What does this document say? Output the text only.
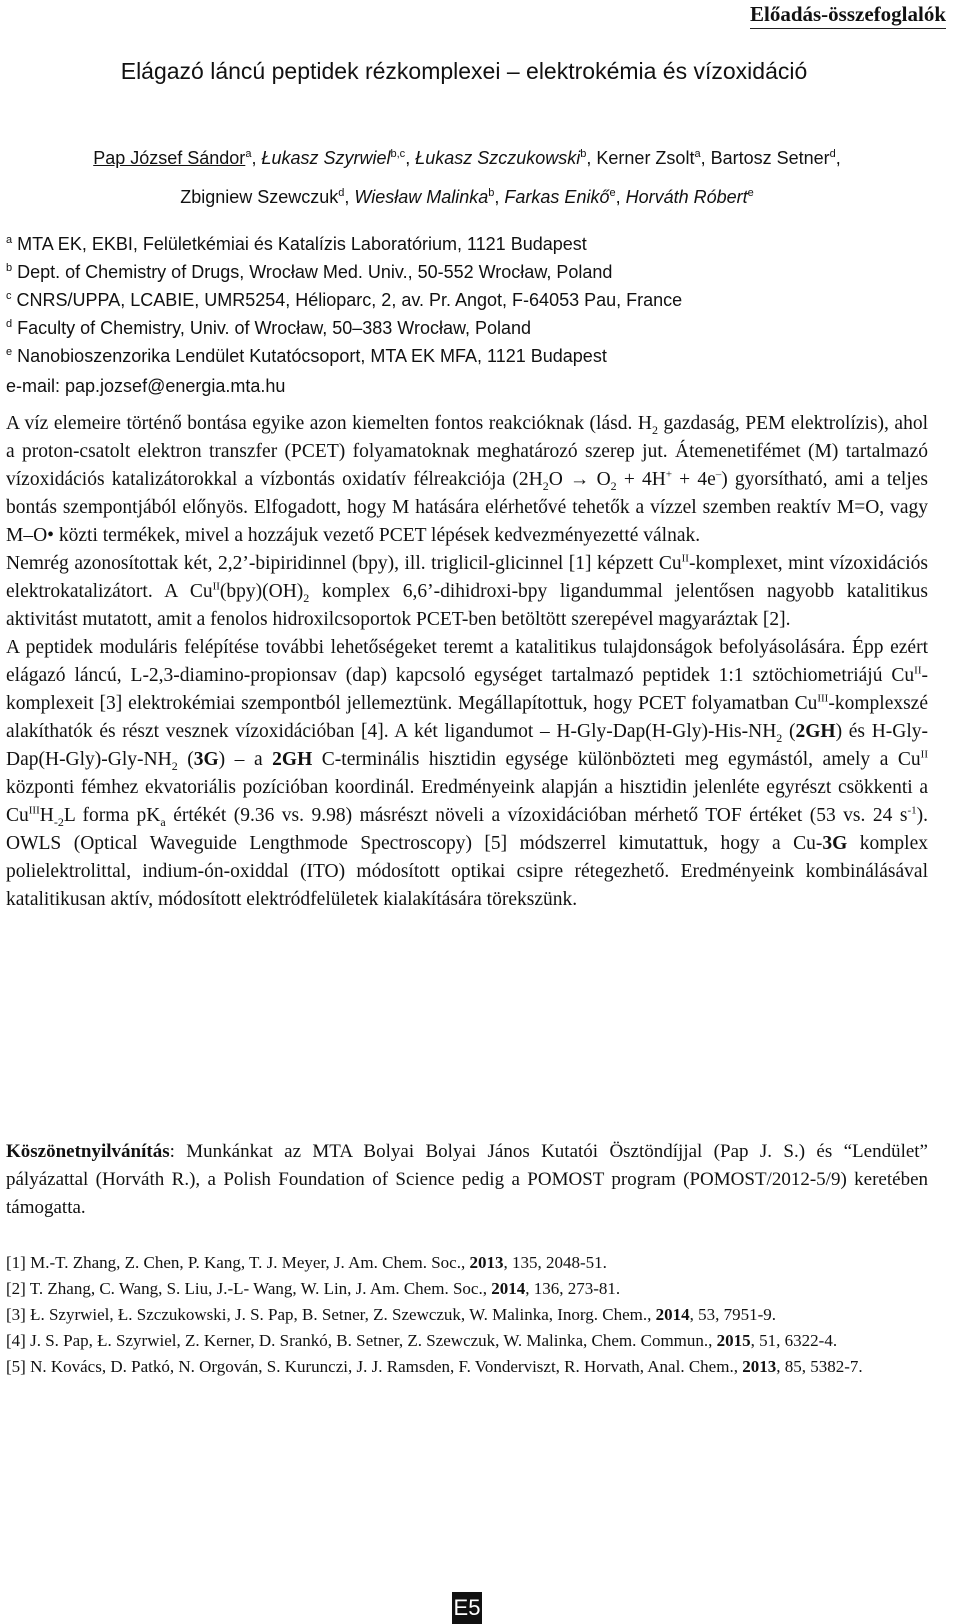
Előadás-összefoglalók
Elágazó láncú peptidek rézkomplexei – elektrokémia és vízoxidáció
Pap József Sándor$^a$, Łukasz Szyrwiel$^{b,c}$, Łukasz Szczukowski$^b$, Kerner Zsolt$^a$, Bartosz Setner$^d$,
Zbigniew Szewczuk$^d$, Wiesław Malinka$^b$, Farkas Enikő$^e$, Horváth Róbert$^e$
$^a$ MTA EK, EKBI, Felületkémiai és Katalízis Laboratórium, 1121 Budapest
$^b$ Dept. of Chemistry of Drugs, Wrocław Med. Univ., 50-552 Wrocław, Poland
$^c$ CNRS/UPPA, LCABIE, UMR5254, Hélioparc, 2, av. Pr. Angot, F-64053 Pau, France
$^d$ Faculty of Chemistry, Univ. of Wrocław, 50–383 Wrocław, Poland
$^e$ Nanobioszenzorika Lendület Kutatócsoport, MTA EK MFA, 1121 Budapest
e-mail: pap.jozsef@energia.mta.hu

A víz elemeire történő bontása egyike azon kiemelten fontos reakcióknak (lásd. $H_2$ gazdaság, PEM elektrolízis), ahol a proton-csatolt elektron transzfer (PCET) folyamatoknak meghatározó szerep jut. Átemenetifémet (M) tartalmazó vízoxidációs katalizátorokkal a vízbontás oxidatív félreakciója $(2H_2O \to O_2 + 4H^+ + 4e^-)$ gyorsítható, ami a teljes bontás szempontjából előnyös. Elfogadott, hogy M hatására elérhetővé tehetők a vízzel szemben reaktív M=O, vagy M–O• közti termékek, mivel a hozzájuk vezető PCET lépések kedvezményezetté válnak.

Nemrég azonosítottak két, 2,2’-bipiridinnel (bpy), ill. triglicil-glicinnel [1] képzett $Cu^{II}$-komplexet, mint vízoxidációs elektrokatalizátort. A $Cu^{II}(bpy)(OH)_2$ komplex 6,6’-dihidroxi-bpy ligandummal jelentősen nagyobb katalitikus aktivitást mutatott, amit a fenolos hidroxilcsoportok PCET-ben betöltött szerepével magyaráztak [2].

A peptidek moduláris felépítése további lehetőségeket teremt a katalitikus tulajdonságok befolyásolására. Épp ezért elágazó láncú, L-2,3-diamino-propionsav (dap) kapcsoló egységet tartalmazó peptidek 1:1 sztöchiometriájú $Cu^{II}$-komplexeit [3] elektrokémiai szempontból jellemeztünk. Megállapítottuk, hogy PCET folyamatban $Cu^{III}$-komplexszé alakíthatók és részt vesznek vízoxidációban [4]. A két ligandumot – $H-Gly-Dap(H-Gly)-His-NH_2$ (2GH) és $H-Gly-Dap(H-Gly)-Gly-NH_2$ (3G) – a 2GH C-terminális hisztidin egysége különbözteti meg egymástól, amely a $Cu^{II}$ központi fémhez ekvatoriális pozícióban koordinál. Eredményeink alapján a hisztidin jelenléte egyrészt csökkenti a $Cu^{III}H_{-2}L$ forma $pK_a$ értékét (9.36 vs. 9.98) másrészt növeli a vízoxidációban mérhető TOF értéket (53 vs. 24 $s^{-1}$). OWLS (Optical Waveguide Lengthmode Spectroscopy) [5] módszerrel kimutattuk, hogy a Cu-3G komplex polielektrolittal, indium-ón-oxiddal (ITO) módosított optikai csipre rétegezhető. Eredményeink kombinálásával katalitikusan aktív, módosított elektródfelületek kialakítására törekszünk.

Köszönetnyilvánítás: Munkánkat az MTA Bolyai Bolyai János Kutatói Ösztöndíjjal (Pap J. S.) és “Lendület” pályázattal (Horváth R.), a Polish Foundation of Science pedig a POMOST program (POMOST/2012-5/9) keretében támogatta.

[1] M.-T. Zhang, Z. Chen, P. Kang, T. J. Meyer, J. Am. Chem. Soc., 2013, 135, 2048-51.

[2] T. Zhang, C. Wang, S. Liu, J.-L- Wang, W. Lin, J. Am. Chem. Soc., 2014, 136, 273-81.

[3] Ł. Szyrwiel, Ł. Szczukowski, J. S. Pap, B. Setner, Z. Szewczuk, W. Malinka, Inorg. Chem., 2014, 53, 7951-9.

[4] J. S. Pap, Ł. Szyrwiel, Z. Kerner, D. Srankó, B. Setner, Z. Szewczuk, W. Malinka, Chem. Commun., 2015, 51, 6322-4.

[5] N. Kovács, D. Patkó, N. Orgován, S. Kurunczi, J. J. Ramsden, F. Vonderviszt, R. Horvath, Anal. Chem., 2013, 85, 5382-7.

E5
